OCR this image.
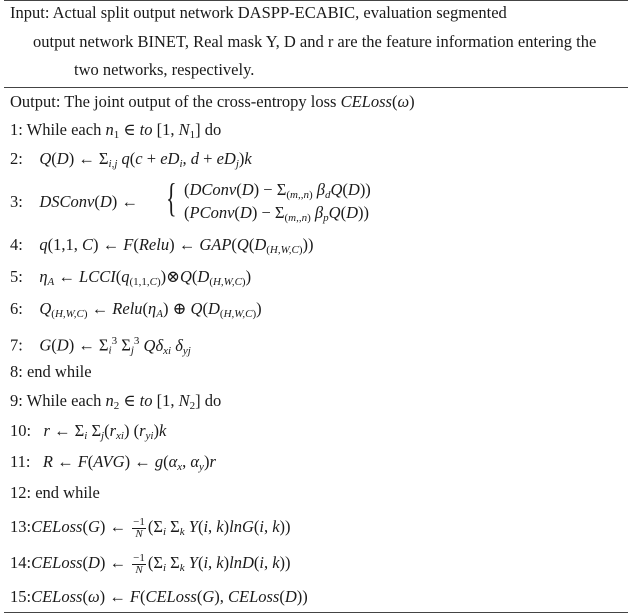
Input: Actual split output network DASPP-ECABIC, evaluation segmented
output network BINET, Real mask Y, D and r are the feature information entering the
two networks, respectively.
Output: The joint output of the cross-entropy loss CELoss(ω)
1: While each $n_1$ ∈ to [1, $N_1$] do
2:    Q(D) ← $\Sigma_{i,j}$ $q(c + eD_i$, $d + eD_j)k$
3:    DSConv(D) ← { (DConv(D) − $\Sigma_{(m,,n)}$ $\beta_dQ(D)$)
(PConv(D) − $\Sigma_{(m,,n)}$ $\beta_pQ(D)$)
4:    q(1,1, C) ← F(Relu) ← $GAP(Q(D_{(H,W,C)}))$
5:    $\eta_A$ ← $LCCI(q_{(1,1,C)})\otimes Q(D_{(H,W,C)})$
6:    $Q_{(H,W,C)}$ ← $Relu(\eta_A)$ ⊕ $Q(D_{(H,W,C)})$
7:    G(D) ← $\Sigma_i^3$ $\Sigma_j^3$ $Q\delta_{xi}$ $\delta_{yj}$
8: end while
9: While each $n_2$ ∈ to [1, $N_2$] do
10:   r ← $\Sigma_i$ $\Sigma_j(r_{xi})$ $(r_{yi})k$
11:   R ← F(AVG) ← $g(\alpha_x$, $\alpha_y)r$
12: end while
13:CELoss(G) ← $\frac{-1}{N} (\Sigma_i$ $\Sigma_k$ Y(i, k)lnG(i, k))
14:CELoss(D) ← $\frac{-1}{N} (\Sigma_i$ $\Sigma_k$ Y(i, k)lnD(i, k))
15:CELoss(ω) ← F(CELoss(G), CELoss(D))
